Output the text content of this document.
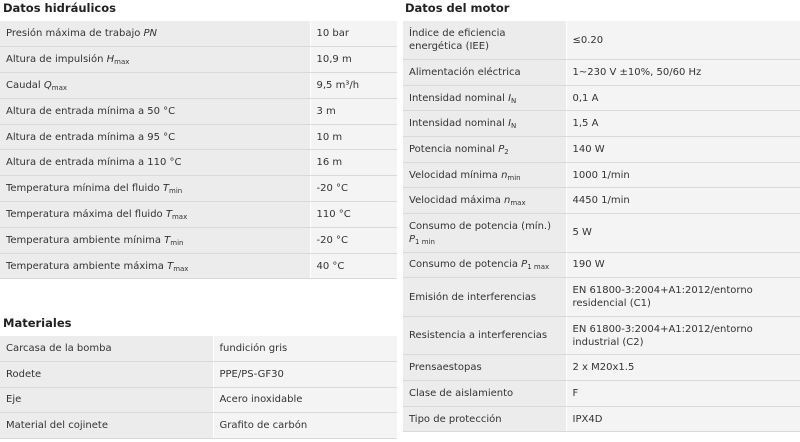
Datos hidráulicos
Presión máxima de trabajo PN	10 bar
Altura de impulsión $H_{max}$	10,9 m
Caudal $Q_{max}$	9,5 m³/h
Altura de entrada mínima a 50 °C	3 m
Altura de entrada mínima a 95 °C	10 m
Altura de entrada mínima a 110 °C	16 m
Temperatura mínima del fluido $T_{min}$	-20 °C
Temperatura máxima del fluido $T_{max}$	110 °C
Temperatura ambiente mínima $T_{min}$	-20 °C
Temperatura ambiente máxima $T_{max}$	40 °C
Materiales
Carcasa de la bomba	fundición gris
Rodete	PPE/PS-GF30
Eje	Acero inoxidable
Material del cojinete	Grafito de carbón
Datos del motor
Índice de eficiencia energética (IEE)	≤0.20
Alimentación eléctrica	1~230 V ±10%, 50/60 Hz
Intensidad nominal $I_N$	0,1 A
Intensidad nominal $I_N$	1,5 A
Potencia nominal $P_2$	140 W
Velocidad mínima $n_{min}$	1000 1/min
Velocidad máxima $n_{max}$	4450 1/min
Consumo de potencia (mín.) $P_{1 min}$	5 W
Consumo de potencia $P_{1 max}$	190 W
Emisión de interferencias	EN 61800-3:2004+A1:2012/entorno residencial (C1)
Resistencia a interferencias	EN 61800-3:2004+A1:2012/entorno industrial (C2)
Prensaestopas	2 x M20x1.5
Clase de aislamiento	F
Tipo de protección	IPX4D
